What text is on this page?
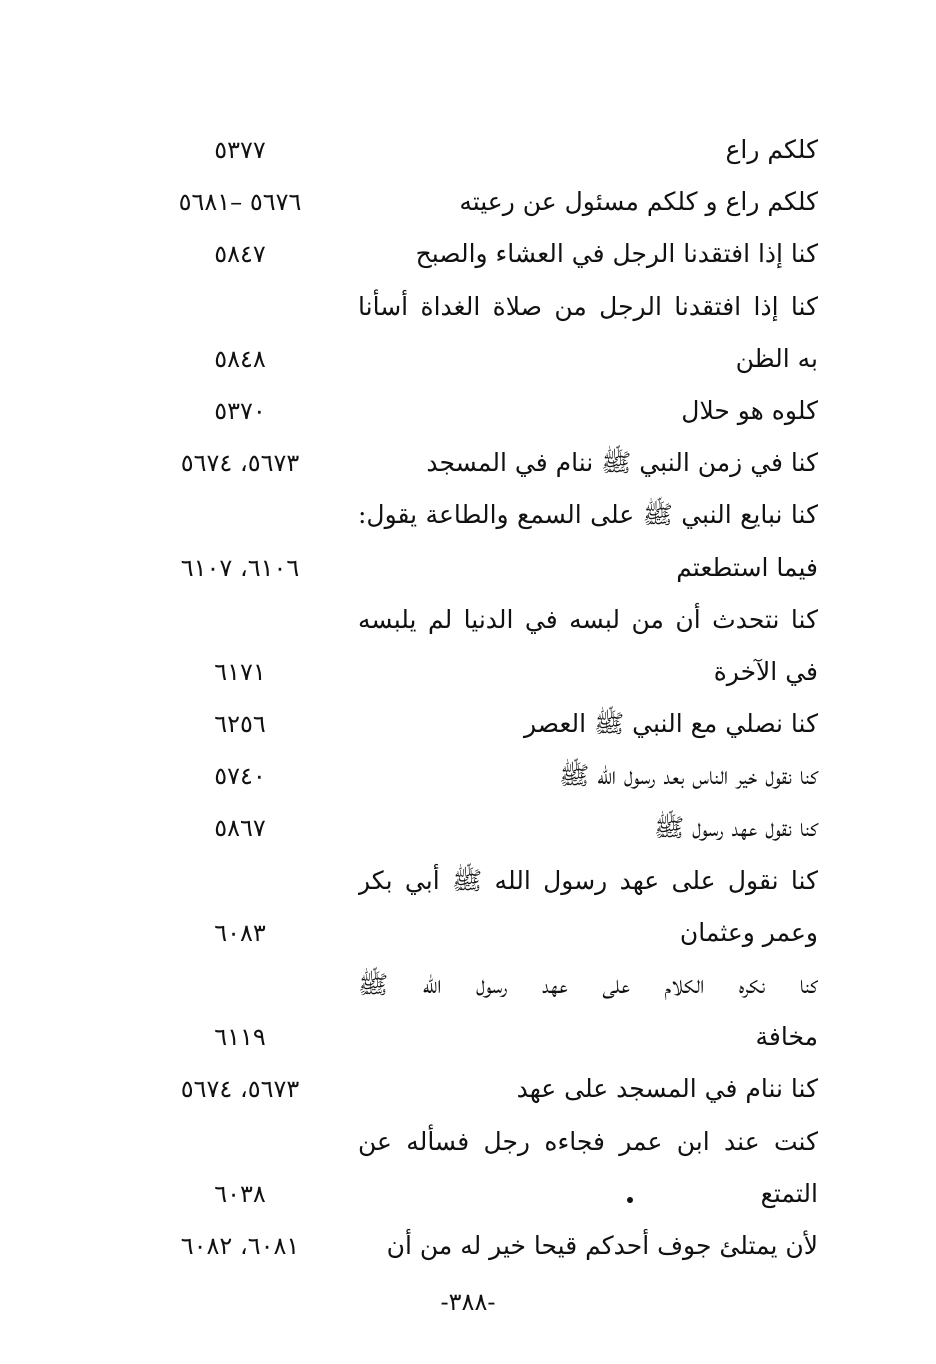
كلكم راع
٥٣٧٧
كلكم راع و كلكم مسئول عن رعيته
٥٦٧٦ –٥٦٨١
كنا إذا افتقدنا الرجل في العشاء والصبح
٥٨٤٧
كنا إذا افتقدنا الرجل من صلاة الغداة أسأنا
به الظن
٥٨٤٨
كلوه هو حلال
٥٣٧٠
كنا في زمن النبي ﷺ ننام في المسجد
٥٦٧٣، ٥٦٧٤
كنا نبايع النبي ﷺ على السمع والطاعة يقول:
فيما استطعتم
٦١٠٦، ٦١٠٧
كنا نتحدث أن من لبسه في الدنيا لم يلبسه
في الآخرة
٦١٧١
كنا نصلي مع النبي ﷺ العصر
٦٢٥٦
كنا نقول خير الناس بعد رسول الله ﷺ
٥٧٤٠
كنا نقول عهد رسول ﷺ
٥٨٦٧
كنا نقول على عهد رسول الله ﷺ أبي بكر
وعمر وعثمان
٦٠٨٣
كنا نكره الكلام على عهد رسول الله ﷺ
مخافة
٦١١٩
كنا ننام في المسجد على عهد
٥٦٧٣، ٥٦٧٤
كنت عند ابن عمر فجاءه رجل فسأله عن
التمتع
٦٠٣٨
لأن يمتلئ جوف أحدكم قيحا خير له من أن
٦٠٨١، ٦٠٨٢
-٣٨٨-
